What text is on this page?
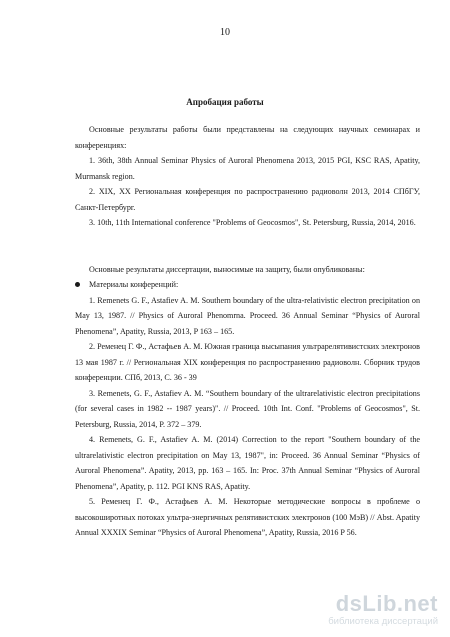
10
Апробация работы

Основные результаты работы были представлены на следующих научных семинарах и конференциях:

1. 36th, 38th Annual Seminar Physics of Auroral Phenomena 2013, 2015 PGI, KSC RAS, Apatity, Murmansk region.
2. XIX, XX Региональная конференция по распространению радиоволн 2013, 2014 СПбГУ, Санкт-Петербург.
3. 10th, 11th International conference "Problems of Geocosmos", St. Petersburg, Russia, 2014, 2016.

Основные результаты диссертации, выносимые на защиту, были опубликованы:

Материалы конференций:
1. Remenets G. F., Astafiev A. M. Southern boundary of the ultra-relativistic electron precipitation on May 13, 1987. // Physics of Auroral Phenomrna. Proceed. 36 Annual Seminar “Physics of Auroral Phenomena”, Apatity, Russia, 2013, P 163 – 165.
2. Ременец Г. Ф., Астафьев А. М. Южная граница высыпания ультрарелятивистских электронов 13 мая 1987 г. // Региональная XIX конференция по распространению радиоволн. Сборник трудов конференции. СПб, 2013, С. 36 - 39
3. Remenets, G. F., Astafiev A. M. “Southern boundary of the ultrarelativistic electron precipitations (for several cases in 1982 -- 1987 years)". // Proceed. 10th Int. Conf. "Problems of Geocosmos", St. Petersburg, Russia, 2014, P. 372 – 379.
4. Remenets, G. F., Astafiev A. M. (2014) Correction to the report "Southern boundary of the ultrarelativistic electron precipitation on May 13, 1987", in: Proceed. 36 Annual Seminar “Physics of Auroral Phenomena”. Apatity, 2013, pp. 163 – 165. In: Proc. 37th Annual Seminar “Physics of Auroral Phenomena”, Apatity, p. 112. PGI KNS RAS, Apatity.
5. Ременец Г. Ф., Астафьев А. М. Некоторые методические вопросы в проблеме о высокоширотных потоках ультра-энергичных релятивистских электронов (100 МэВ) // Abst. Apatity Annual XXXIX Seminar “Physics of Auroral Phenomena”, Apatity, Russia, 2016 P 56.
dsLib.net
библиотека диссертаций
